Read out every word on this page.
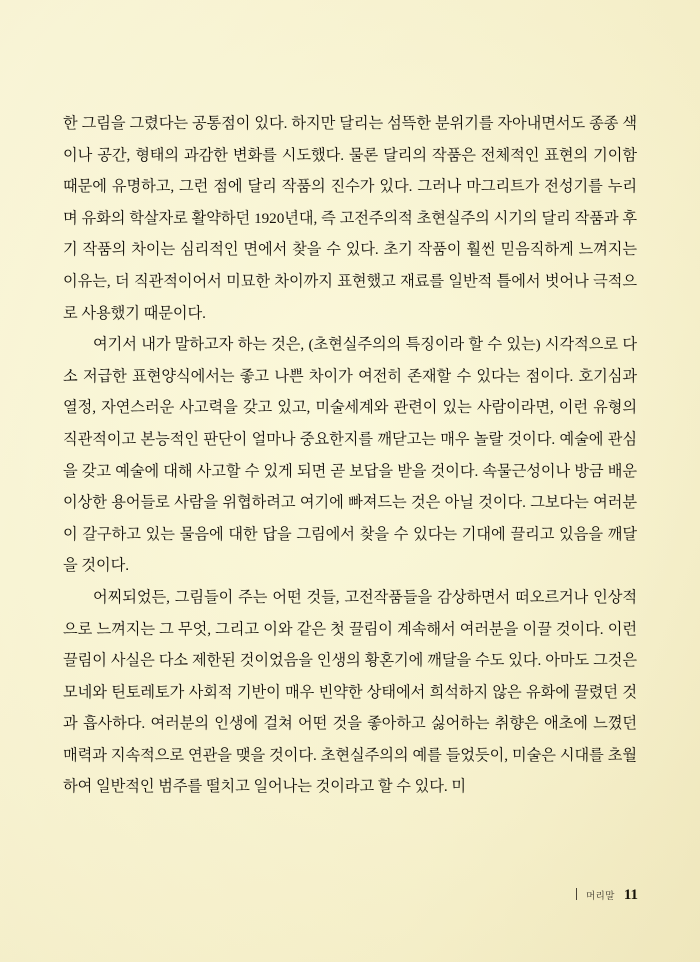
한 그림을 그렸다는 공통점이 있다. 하지만 달리는 섬뜩한 분위기를 자아내면서도 종종 색이나 공간, 형태의 과감한 변화를 시도했다. 물론 달리의 작품은 전체적인 표현의 기이함 때문에 유명하고, 그런 점에 달리 작품의 진수가 있다. 그러나 마그리트가 전성기를 누리며 유화의 학살자로 활약하던 1920년대, 즉 고전주의적 초현실주의 시기의 달리 작품과 후기 작품의 차이는 심리적인 면에서 찾을 수 있다. 초기 작품이 훨씬 믿음직하게 느껴지는 이유는, 더 직관적이어서 미묘한 차이까지 표현했고 재료를 일반적 틀에서 벗어나 극적으로 사용했기 때문이다.

여기서 내가 말하고자 하는 것은, (초현실주의의 특징이라 할 수 있는) 시각적으로 다소 저급한 표현양식에서는 좋고 나쁜 차이가 여전히 존재할 수 있다는 점이다. 호기심과 열정, 자연스러운 사고력을 갖고 있고, 미술세계와 관련이 있는 사람이라면, 이런 유형의 직관적이고 본능적인 판단이 얼마나 중요한지를 깨닫고는 매우 놀랄 것이다. 예술에 관심을 갖고 예술에 대해 사고할 수 있게 되면 곧 보답을 받을 것이다. 속물근성이나 방금 배운 이상한 용어들로 사람을 위협하려고 여기에 빠져드는 것은 아닐 것이다. 그보다는 여러분이 갈구하고 있는 물음에 대한 답을 그림에서 찾을 수 있다는 기대에 끌리고 있음을 깨달을 것이다.

어찌되었든, 그림들이 주는 어떤 것들, 고전작품들을 감상하면서 떠오르거나 인상적으로 느껴지는 그 무엇, 그리고 이와 같은 첫 끌림이 계속해서 여러분을 이끌 것이다. 이런 끌림이 사실은 다소 제한된 것이었음을 인생의 황혼기에 깨달을 수도 있다. 아마도 그것은 모네와 틴토레토가 사회적 기반이 매우 빈약한 상태에서 희석하지 않은 유화에 끌렸던 것과 흡사하다. 여러분의 인생에 걸쳐 어떤 것을 좋아하고 싫어하는 취향은 애초에 느꼈던 매력과 지속적으로 연관을 맺을 것이다. 초현실주의의 예를 들었듯이, 미술은 시대를 초월하여 일반적인 범주를 떨치고 일어나는 것이라고 할 수 있다. 미

머리말 11
